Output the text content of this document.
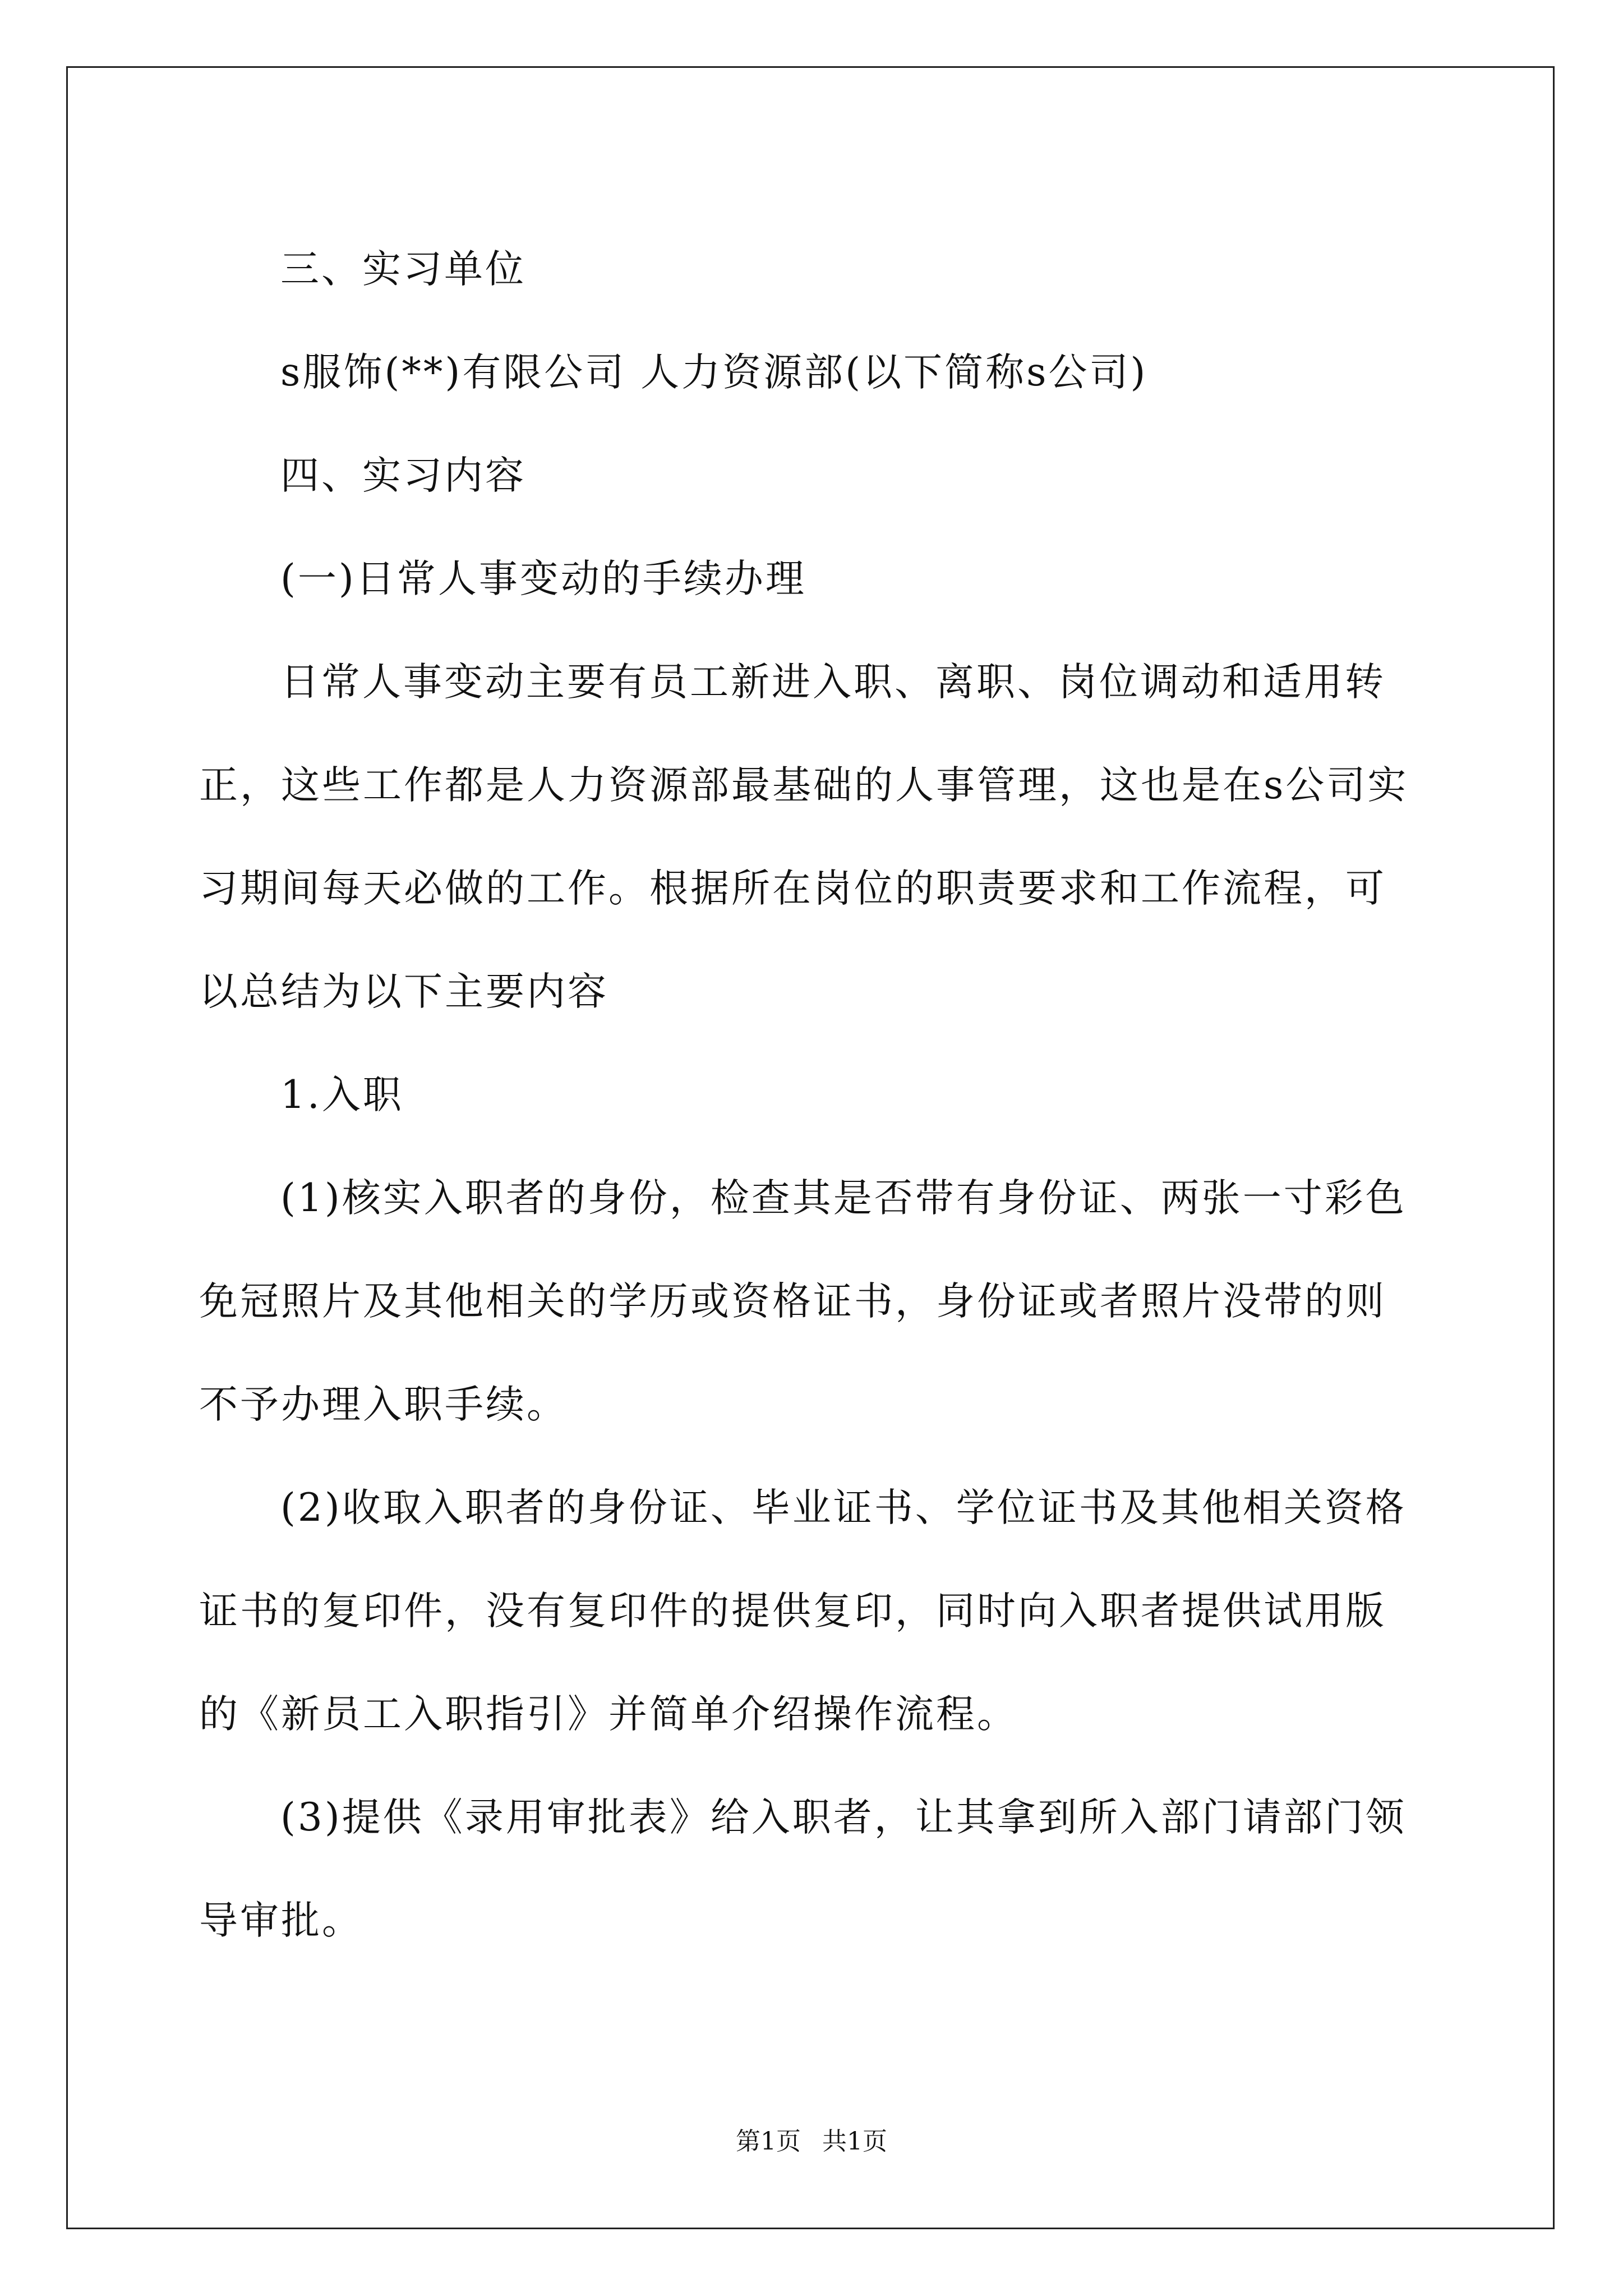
三、实习单位

s服饰(**)有限公司 人力资源部(以下简称s公司)

四、实习内容

(一)日常人事变动的手续办理

日常人事变动主要有员工新进入职、离职、岗位调动和适用转正，这些工作都是人力资源部最基础的人事管理，这也是在s公司实习期间每天必做的工作。根据所在岗位的职责要求和工作流程，可以总结为以下主要内容

1.入职

(1)核实入职者的身份，检查其是否带有身份证、两张一寸彩色免冠照片及其他相关的学历或资格证书，身份证或者照片没带的则不予办理入职手续。

(2)收取入职者的身份证、毕业证书、学位证书及其他相关资格证书的复印件，没有复印件的提供复印，同时向入职者提供试用版的《新员工入职指引》并简单介绍操作流程。

(3)提供《录用审批表》给入职者，让其拿到所入部门请部门领导审批。

第1页 共1页
